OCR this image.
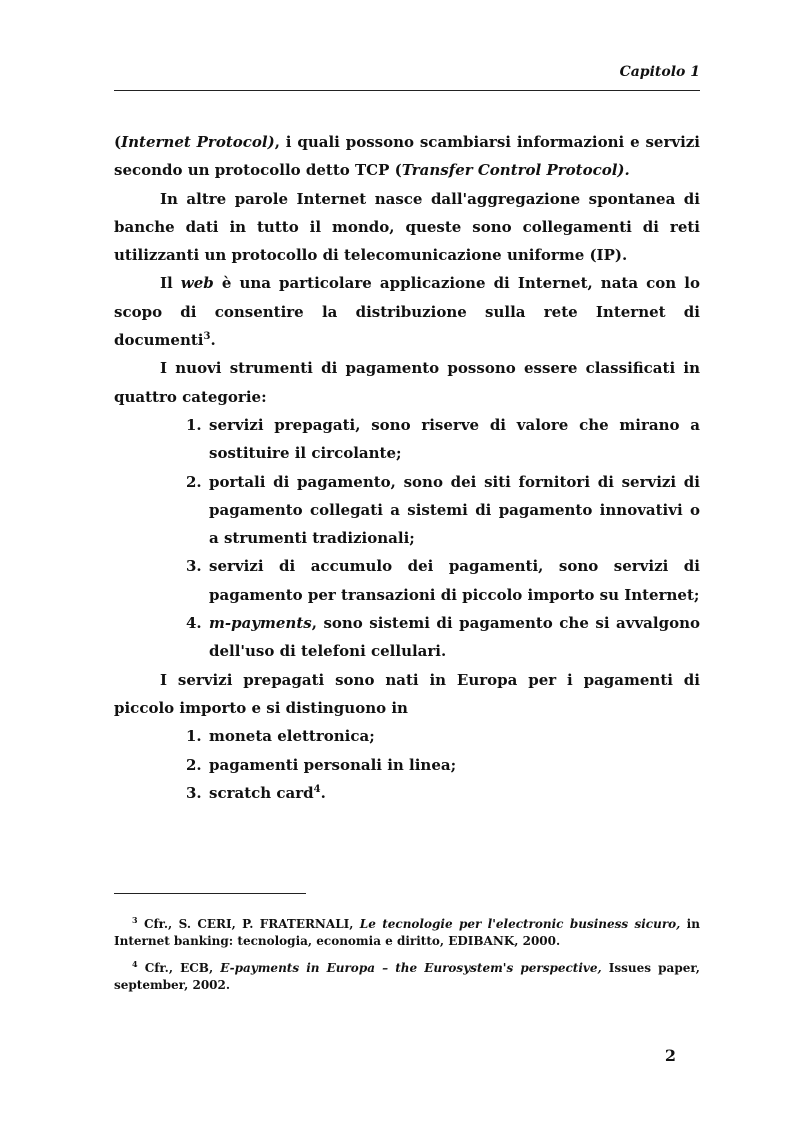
Capitolo 1

(Internet Protocol), i quali possono scambiarsi informazioni e servizi secondo un protocollo detto TCP (Transfer Control Protocol).

In altre parole Internet nasce dall'aggregazione spontanea di banche dati in tutto il mondo, queste sono collegamenti di reti utilizzanti un protocollo di telecomunicazione uniforme (IP).

Il web è una particolare applicazione di Internet, nata con lo scopo di consentire la distribuzione sulla rete Internet di documenti$^3$.

I nuovi strumenti di pagamento possono essere classificati in quattro categorie:

1. servizi prepagati, sono riserve di valore che mirano a sostituire il circolante;
2. portali di pagamento, sono dei siti fornitori di servizi di pagamento collegati a sistemi di pagamento innovativi o a strumenti tradizionali;
3. servizi di accumulo dei pagamenti, sono servizi di pagamento per transazioni di piccolo importo su Internet;
4. m-payments, sono sistemi di pagamento che si avvalgono dell'uso di telefoni cellulari.

I servizi prepagati sono nati in Europa per i pagamenti di piccolo importo e si distinguono in

1. moneta elettronica;
2. pagamenti personali in linea;
3. scratch card$^4$.

$^3$ Cfr., S. CERI, P. FRATERNALI, Le tecnologie per l'electronic business sicuro, in Internet banking: tecnologia, economia e diritto, EDIBANK, 2000.

$^4$ Cfr., ECB, E-payments in Europa – the Eurosystem's perspective, Issues paper, september, 2002.

2
